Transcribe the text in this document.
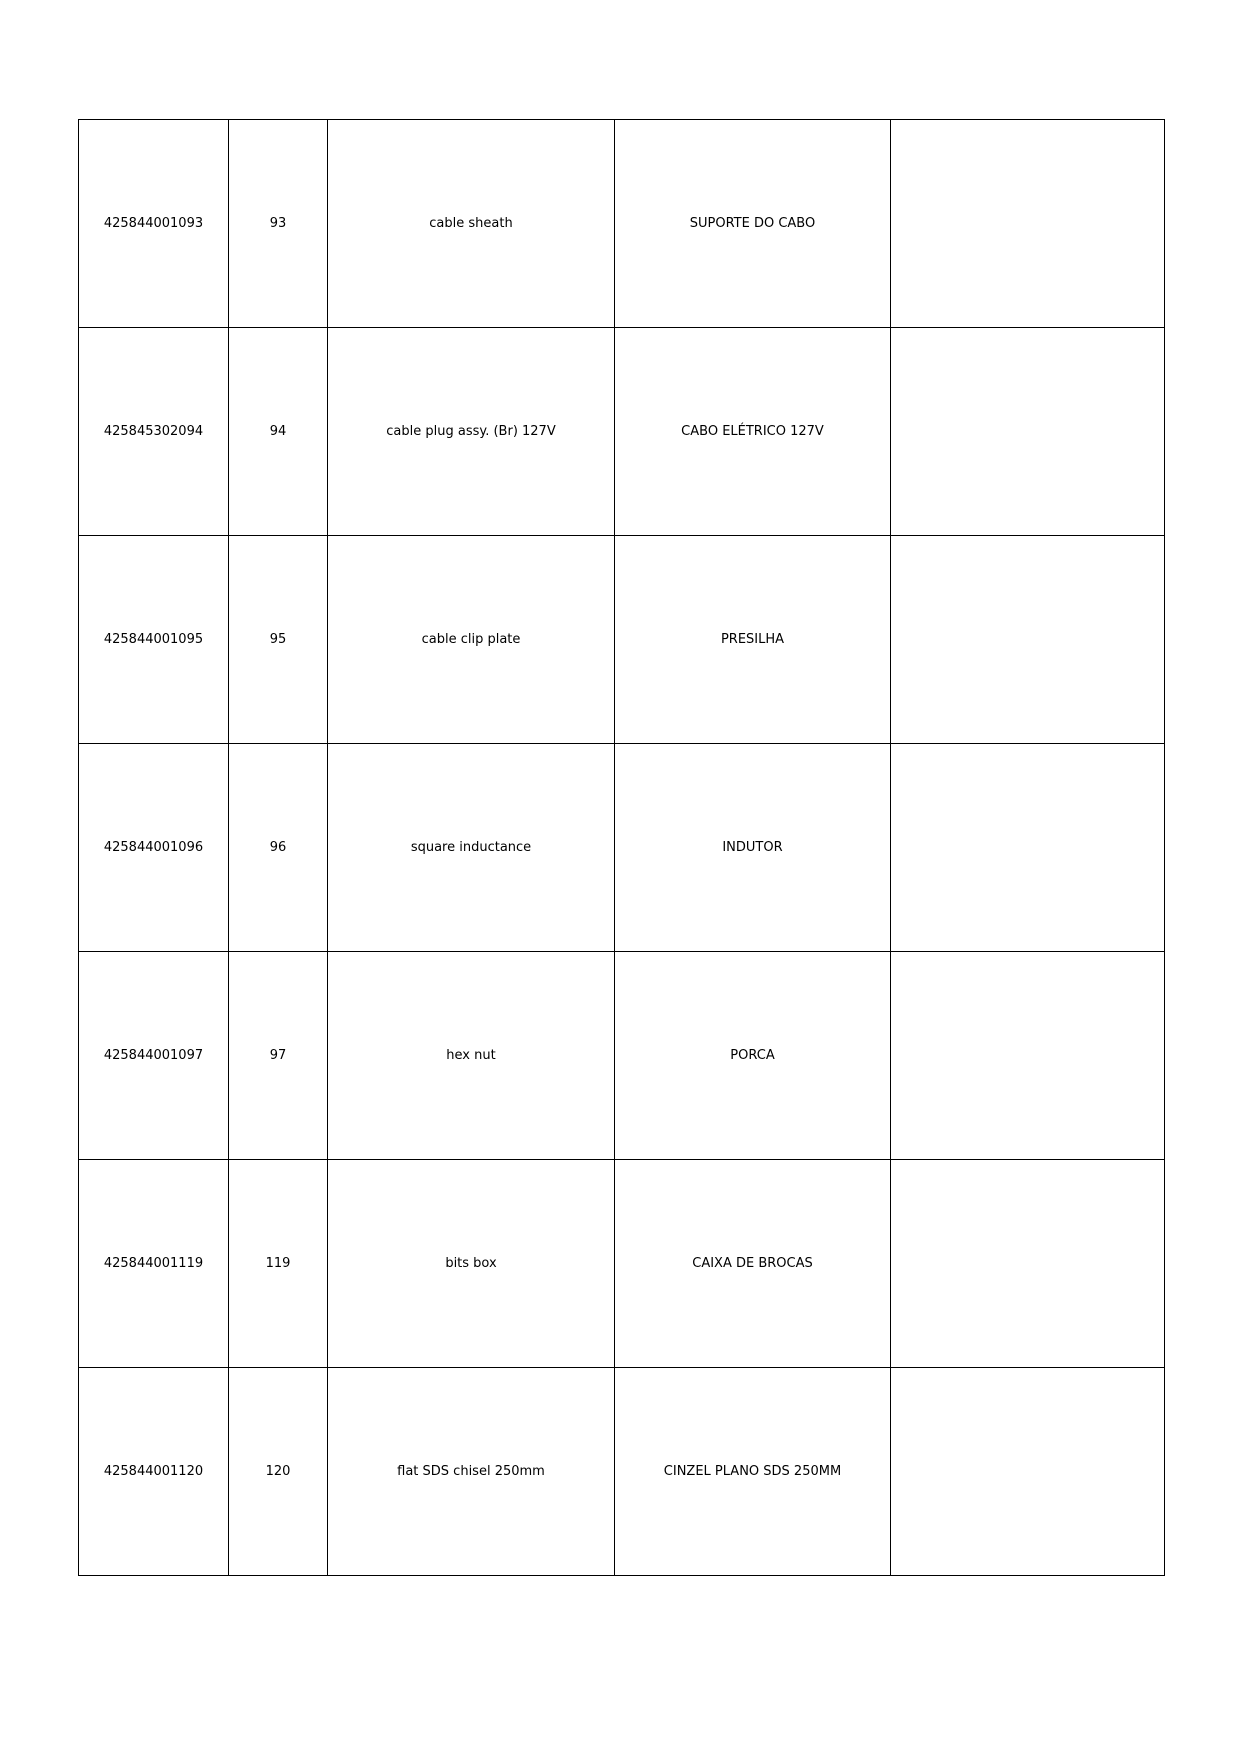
425844001093	93	cable sheath	SUPORTE DO CABO	
425845302094	94	cable plug assy. (Br) 127V	CABO ELÉTRICO 127V	
425844001095	95	cable clip plate	PRESILHA	
425844001096	96	square inductance	INDUTOR	
425844001097	97	hex nut	PORCA	
425844001119	119	bits box	CAIXA DE BROCAS	
425844001120	120	flat SDS chisel 250mm	CINZEL PLANO SDS 250MM	
